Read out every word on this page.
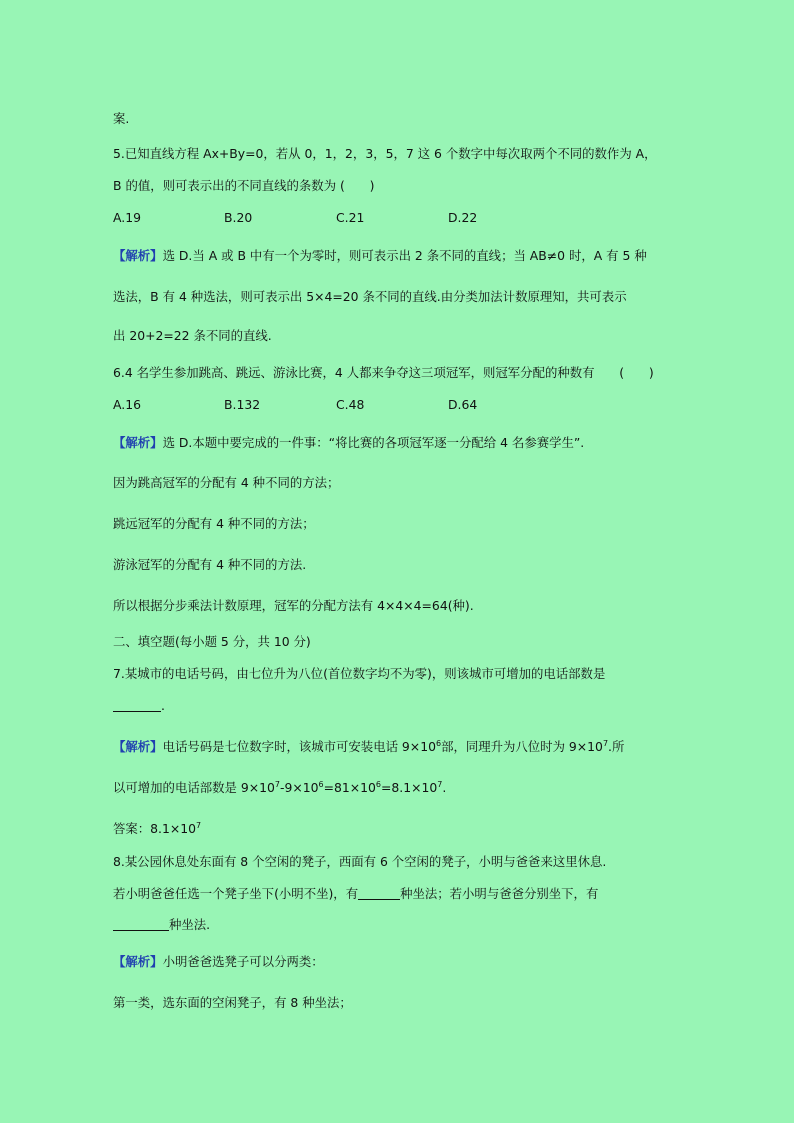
案.
5.已知直线方程 Ax+By=0，若从 0，1，2，3，5，7 这 6 个数字中每次取两个不同的数作为 A，
B 的值，则可表示出的不同直线的条数为 (　　)
A.19	B.20	C.21	D.22
【解析】选 D.当 A 或 B 中有一个为零时，则可表示出 2 条不同的直线；当 AB≠0 时，A 有 5 种
选法，B 有 4 种选法，则可表示出 5×4=20 条不同的直线.由分类加法计数原理知，共可表示
出 20+2=22 条不同的直线.
6.4 名学生参加跳高、跳远、游泳比赛，4 人都来争夺这三项冠军，则冠军分配的种数有　　(　　)
A.16	B.132	C.48	D.64
【解析】选 D.本题中要完成的一件事：“将比赛的各项冠军逐一分配给 4 名参赛学生”.
因为跳高冠军的分配有 4 种不同的方法；
跳远冠军的分配有 4 种不同的方法；
游泳冠军的分配有 4 种不同的方法.
所以根据分步乘法计数原理，冠军的分配方法有 4×4×4=64(种).
二、填空题(每小题 5 分，共 10 分)
7.某城市的电话号码，由七位升为八位(首位数字均不为零)，则该城市可增加的电话部数是
.
【解析】电话号码是七位数字时，该城市可安装电话 $9\times 10^6$部，同理升为八位时为 $9\times 10^7$.所
以可增加的电话部数是 $9\times 10^7-9\times 10^6=81\times 10^6=8.1\times 10^7$.
答案：$8.1\times 10^7$
8.某公园休息处东面有 8 个空闲的凳子，西面有 6 个空闲的凳子，小明与爸爸来这里休息.
若小明爸爸任选一个凳子坐下(小明不坐)，有	种坐法；若小明与爸爸分别坐下，有
种坐法.
【解析】小明爸爸选凳子可以分两类：
第一类，选东面的空闲凳子，有 8 种坐法；
